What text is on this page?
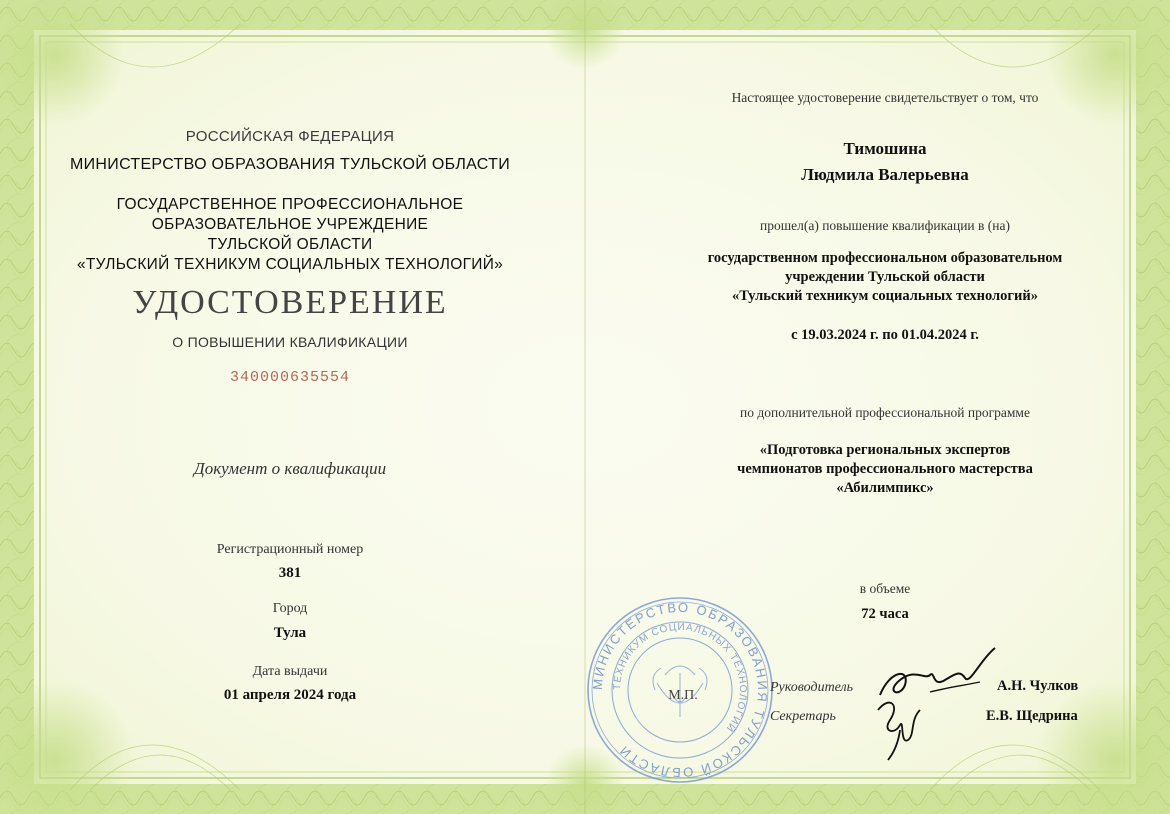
РОССИЙСКАЯ ФЕДЕРАЦИЯ
МИНИСТЕРСТВО ОБРАЗОВАНИЯ ТУЛЬСКОЙ ОБЛАСТИ
ГОСУДАРСТВЕННОЕ ПРОФЕССИОНАЛЬНОЕ
ОБРАЗОВАТЕЛЬНОЕ УЧРЕЖДЕНИЕ
ТУЛЬСКОЙ ОБЛАСТИ
«ТУЛЬСКИЙ ТЕХНИКУМ СОЦИАЛЬНЫХ ТЕХНОЛОГИЙ»
УДОСТОВЕРЕНИЕ
О ПОВЫШЕНИИ КВАЛИФИКАЦИИ
340000635554
Документ о квалификации
Регистрационный номер
381
Город
Тула
Дата выдачи
01 апреля 2024 года
Настоящее удостоверение свидетельствует о том, что
Тимошина
Людмила Валерьевна
прошел(а) повышение квалификации в (на)
государственном профессиональном образовательном
учреждении Тульской области
«Тульский техникум социальных технологий»
с 19.03.2024 г. по 01.04.2024 г.
по дополнительной профессиональной программе
«Подготовка региональных экспертов
чемпионатов профессионального мастерства
«Абилимпикс»
в объеме
72 часа
МИНИСТЕРСТВО ОБРАЗОВАНИЯ ТУЛЬСКОЙ ОБЛАСТИ
ТЕХНИКУМ СОЦИАЛЬНЫХ ТЕХНОЛОГИЙ
М.П.
Руководитель	А.Н. Чулков
Секретарь	Е.В. Щедрина
